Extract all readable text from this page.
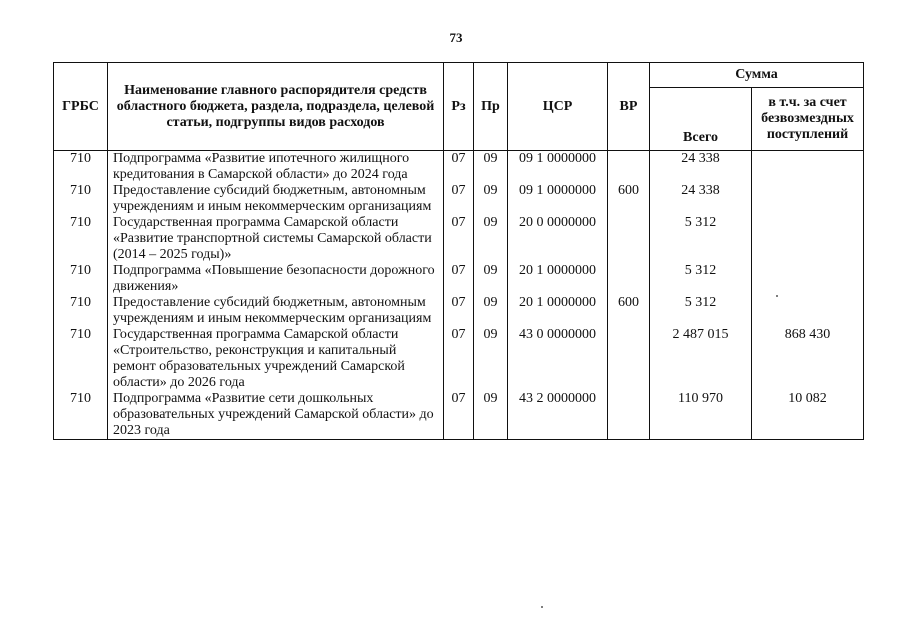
73
ГРБС	Наименование главного распорядителя средств областного бюджета, раздела, подраздела, целевой статьи, подгруппы видов расходов	Рз	Пр	ЦСР	ВР	Сумма	
						Всего	в т.ч. за счет безвозмездных поступлений
710	Подпрограмма «Развитие ипотечного жилищного кредитования в Самарской области» до 2024 года	07	09	09 1 0000000		24 338	
710	Предоставление субсидий бюджетным, автономным учреждениям и иным некоммерческим организациям	07	09	09 1 0000000	600	24 338	
710	Государственная программа Самарской области «Развитие транспортной системы Самарской области (2014 – 2025 годы)»	07	09	20 0 0000000		5 312	
710	Подпрограмма «Повышение безопасности дорожного движения»	07	09	20 1 0000000		5 312	
710	Предоставление субсидий бюджетным, автономным учреждениям и иным некоммерческим организациям	07	09	20 1 0000000	600	5 312	
710	Государственная программа Самарской области «Строительство, реконструкция и капитальный ремонт образовательных учреждений Самарской области» до 2026 года	07	09	43 0 0000000		2 487 015	868 430
710	Подпрограмма «Развитие сети дошкольных образовательных учреждений Самарской области» до 2023 года	07	09	43 2 0000000		110 970	10 082
